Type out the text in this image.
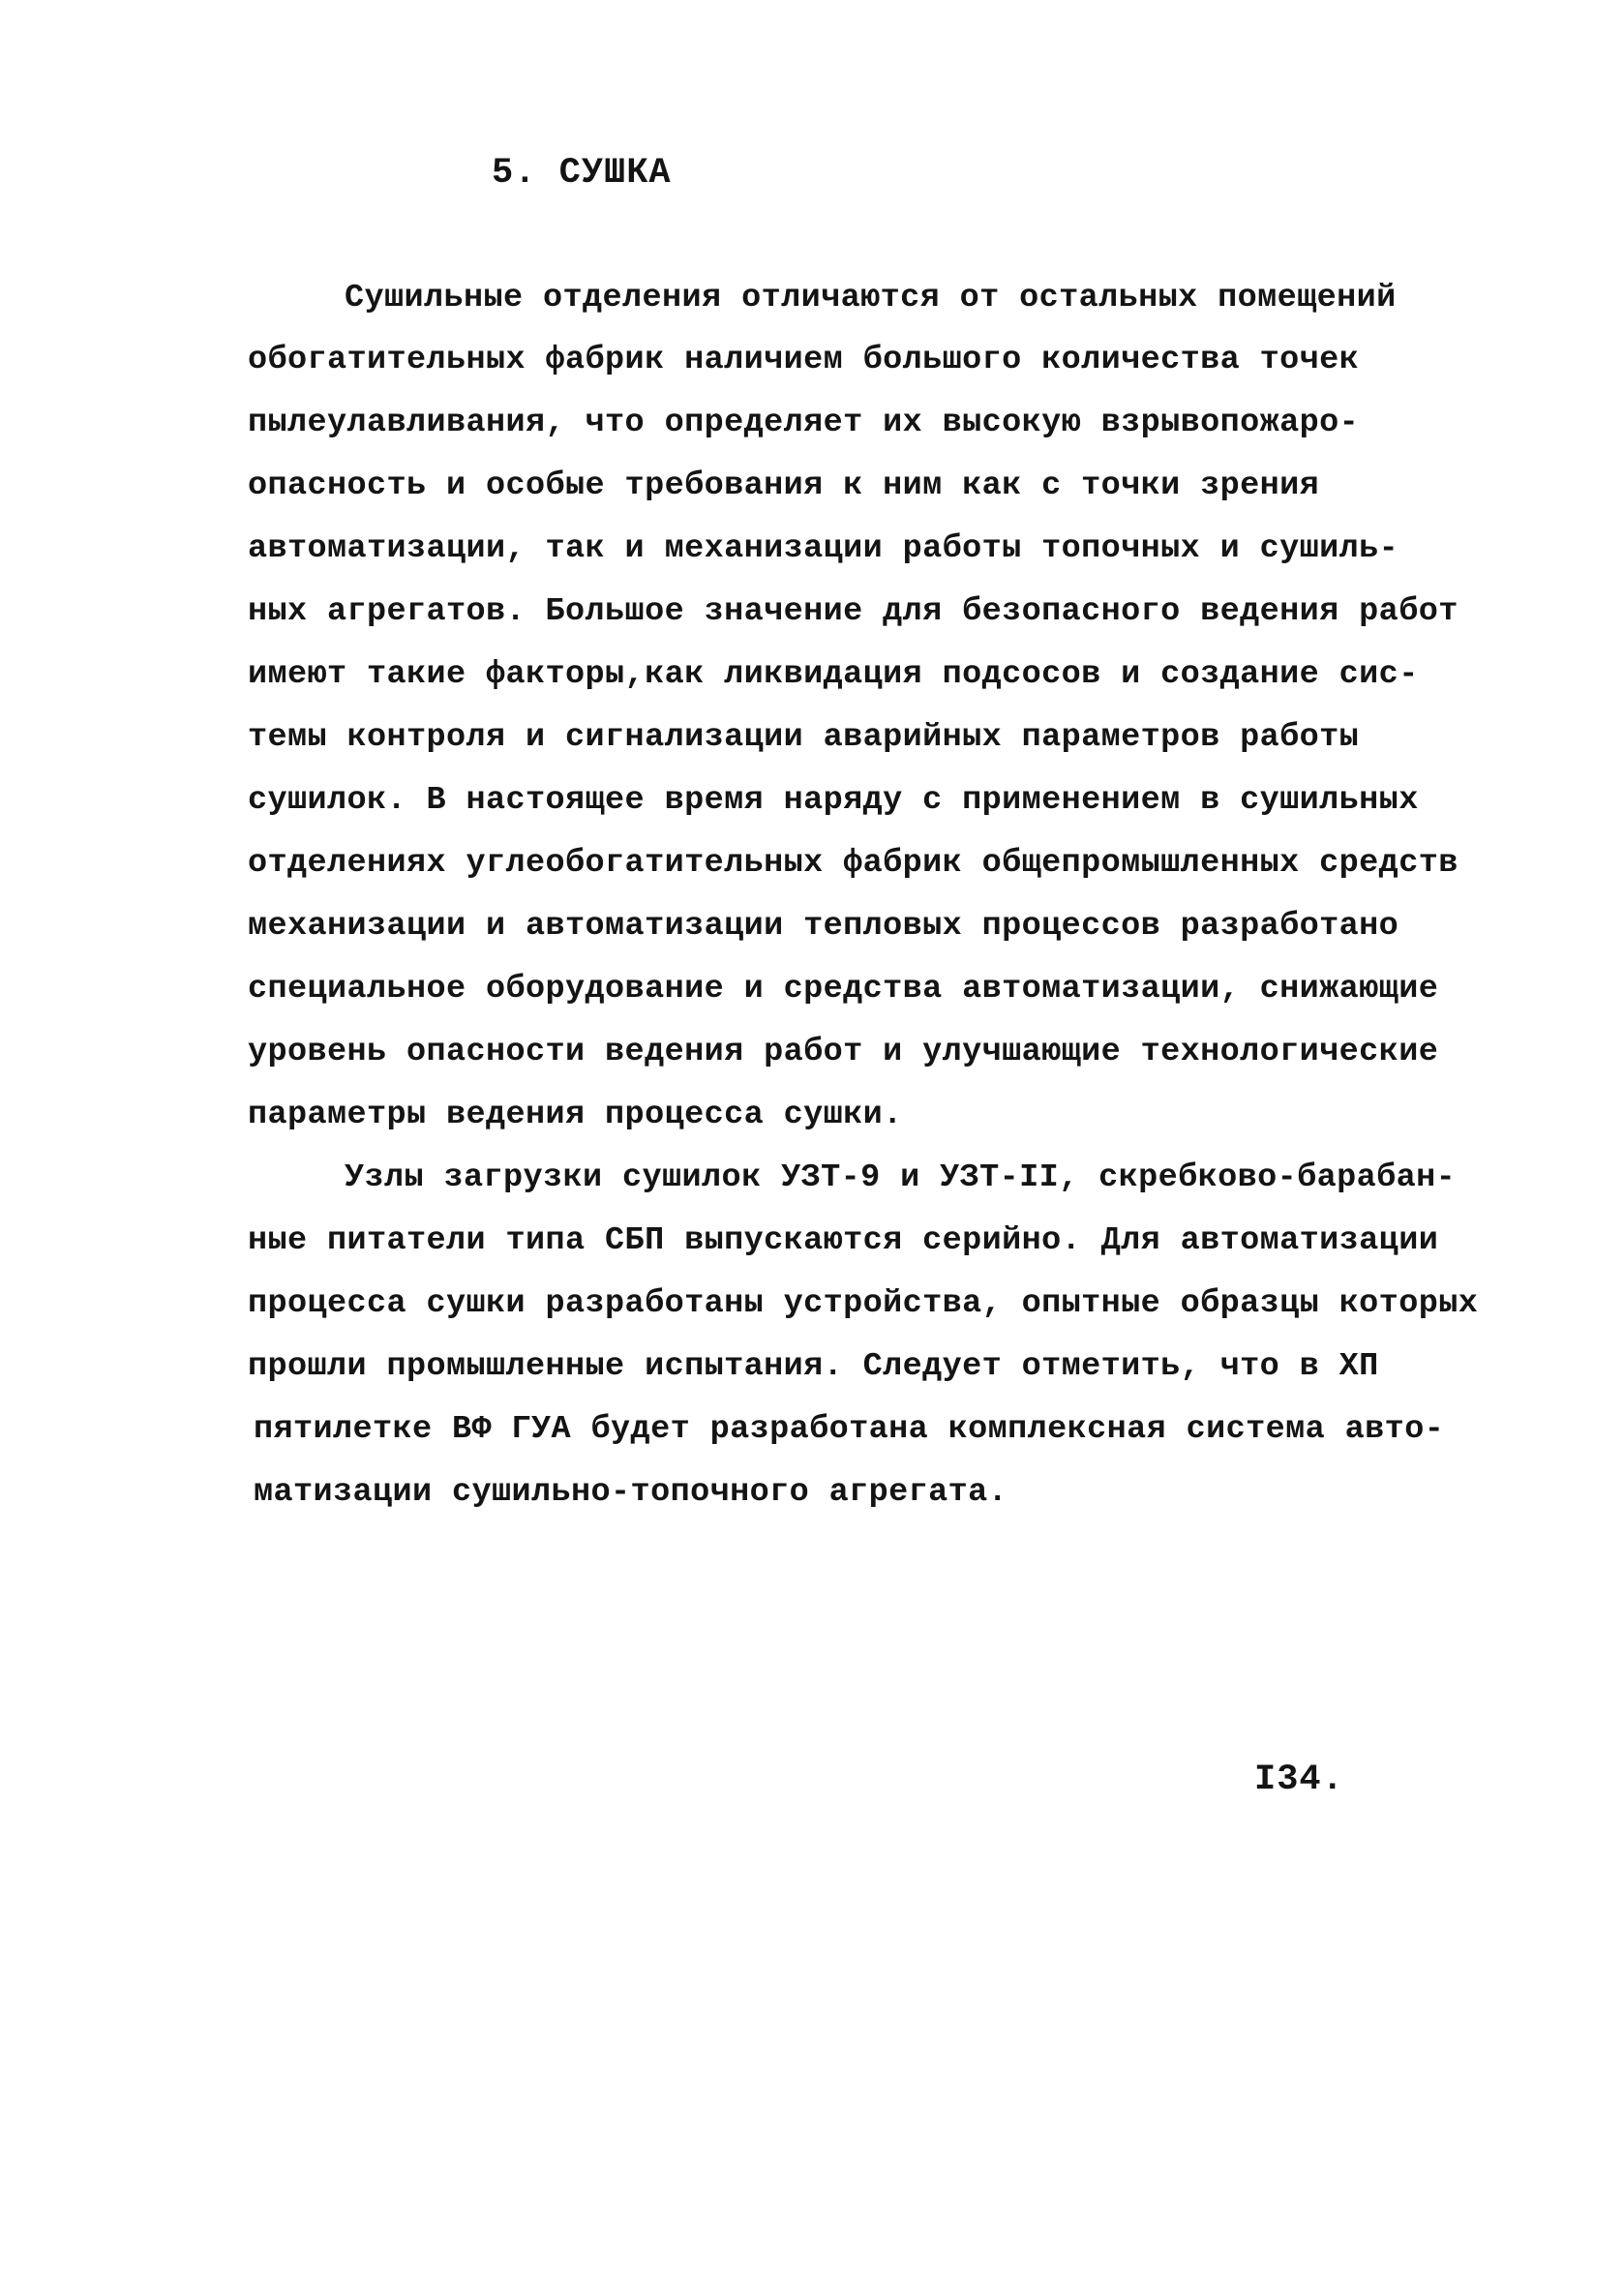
5. СУШКА
Сушильные отделения отличаются от остальных помещений
обогатительных фабрик наличием большого количества точек
пылеулавливания, что определяет их высокую взрывопожаро-
опасность и особые требования к ним как с точки зрения
автоматизации, так и механизации работы топочных и сушиль-
ных агрегатов. Большое значение для безопасного ведения работ
имеют такие факторы,как ликвидация подсосов и создание сис-
темы контроля и сигнализации аварийных параметров работы
сушилок. В настоящее время наряду с применением в сушильных
отделениях углеобогатительных фабрик общепромышленных средств
механизации и автоматизации тепловых процессов разработано
специальное оборудование и средства автоматизации, снижающие
уровень опасности ведения работ и улучшающие технологические
параметры ведения процесса сушки.
Узлы загрузки сушилок УЗТ-9 и УЗТ-II, скребково-барабан-
ные питатели типа СБП выпускаются серийно. Для автоматизации
процесса сушки разработаны устройства, опытные образцы которых
прошли промышленные испытания. Следует отметить, что в ХП
пятилетке ВФ ГУА будет разработана комплексная система авто-
матизации сушильно-топочного агрегата.
I34.
